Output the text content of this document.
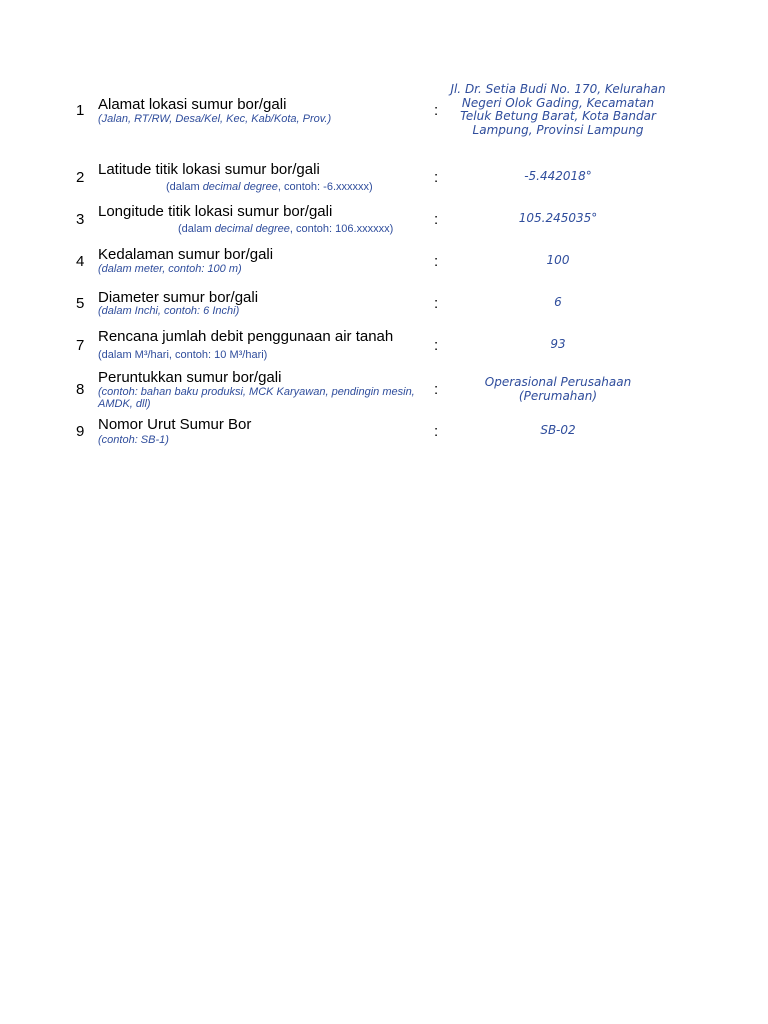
1 Alamat lokasi sumur bor/gali
(Jalan, RT/RW, Desa/Kel, Kec, Kab/Kota, Prov.)	:
Jl. Dr. Setia Budi No. 170, Kelurahan Negeri Olok Gading, Kecamatan Teluk Betung Barat, Kota Bandar Lampung, Provinsi Lampung
2 Latitude titik lokasi sumur bor/gali
(dalam decimal degree, contoh: -6.xxxxxx)
:	-5.442018°
3 Longitude titik lokasi sumur bor/gali
(dalam decimal degree, contoh: 106.xxxxxx)
:	105.245035°
4 Kedalaman sumur bor/gali
(dalam meter, contoh: 100 m)	:	100
5 Diameter sumur bor/gali
(dalam Inchi, contoh: 6 Inchi)	:	6
7
Rencana jumlah debit penggunaan air tanah
(dalam M³/hari, contoh: 10 M³/hari)
:	93
8
Peruntukkan sumur bor/gali
(contoh: bahan baku produksi, MCK Karyawan, pendingin mesin, AMDK, dll)
:	Operasional Perusahaan (Perumahan)
9 Nomor Urut Sumur Bor
(contoh: SB-1)	:	SB-02
